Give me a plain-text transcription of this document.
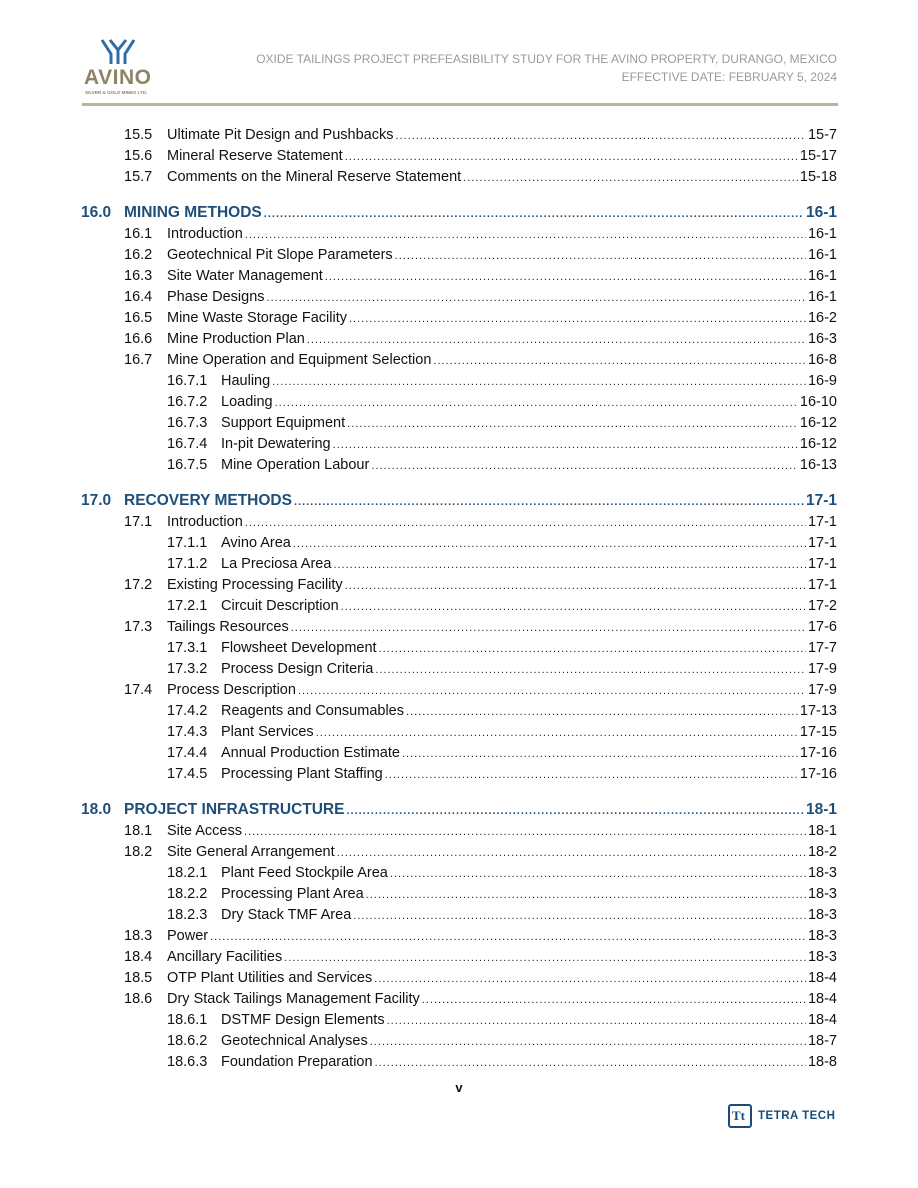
AVINO
SILVER & GOLD MINES LTD.
OXIDE TAILINGS PROJECT PREFEASIBILITY STUDY FOR THE AVINO PROPERTY, DURANGO, MEXICO
EFFECTIVE DATE: FEBRUARY 5, 2024
15.5	Ultimate Pit Design and Pushbacks .....	15-7
15.6	Mineral Reserve Statement .....	15-17
15.7	Comments on the Mineral Reserve Statement .....	15-18
16.0 MINING METHODS .....	16-1
16.1	Introduction .....	16-1
16.2	Geotechnical Pit Slope Parameters .....	16-1
16.3	Site Water Management .....	16-1
16.4	Phase Designs .....	16-1
16.5	Mine Waste Storage Facility .....	16-2
16.6	Mine Production Plan .....	16-3
16.7	Mine Operation and Equipment Selection .....	16-8
16.7.1 Hauling .....	16-9
16.7.2 Loading .....	16-10
16.7.3 Support Equipment .....	16-12
16.7.4 In-pit Dewatering .....	16-12
16.7.5 Mine Operation Labour .....	16-13
17.0 RECOVERY METHODS .....	17-1
17.1	Introduction .....	17-1
17.1.1 Avino Area .....	17-1
17.1.2 La Preciosa Area .....	17-1
17.2	Existing Processing Facility .....	17-1
17.2.1 Circuit Description .....	17-2
17.3	Tailings Resources .....	17-6
17.3.1 Flowsheet Development .....	17-7
17.3.2 Process Design Criteria .....	17-9
17.4	Process Description .....	17-9
17.4.2 Reagents and Consumables .....	17-13
17.4.3 Plant Services .....	17-15
17.4.4 Annual Production Estimate .....	17-16
17.4.5 Processing Plant Staffing .....	17-16
18.0 PROJECT INFRASTRUCTURE .....	18-1
18.1	Site Access .....	18-1
18.2	Site General Arrangement .....	18-2
18.2.1 Plant Feed Stockpile Area .....	18-3
18.2.2 Processing Plant Area .....	18-3
18.2.3 Dry Stack TMF Area .....	18-3
18.3	Power .....	18-3
18.4	Ancillary Facilities .....	18-3
18.5	OTP Plant Utilities and Services .....	18-4
18.6	Dry Stack Tailings Management Facility .....	18-4
18.6.1 DSTMF Design Elements .....	18-4
18.6.2 Geotechnical Analyses .....	18-7
18.6.3 Foundation Preparation .....	18-8
v
Tt TETRA TECH
